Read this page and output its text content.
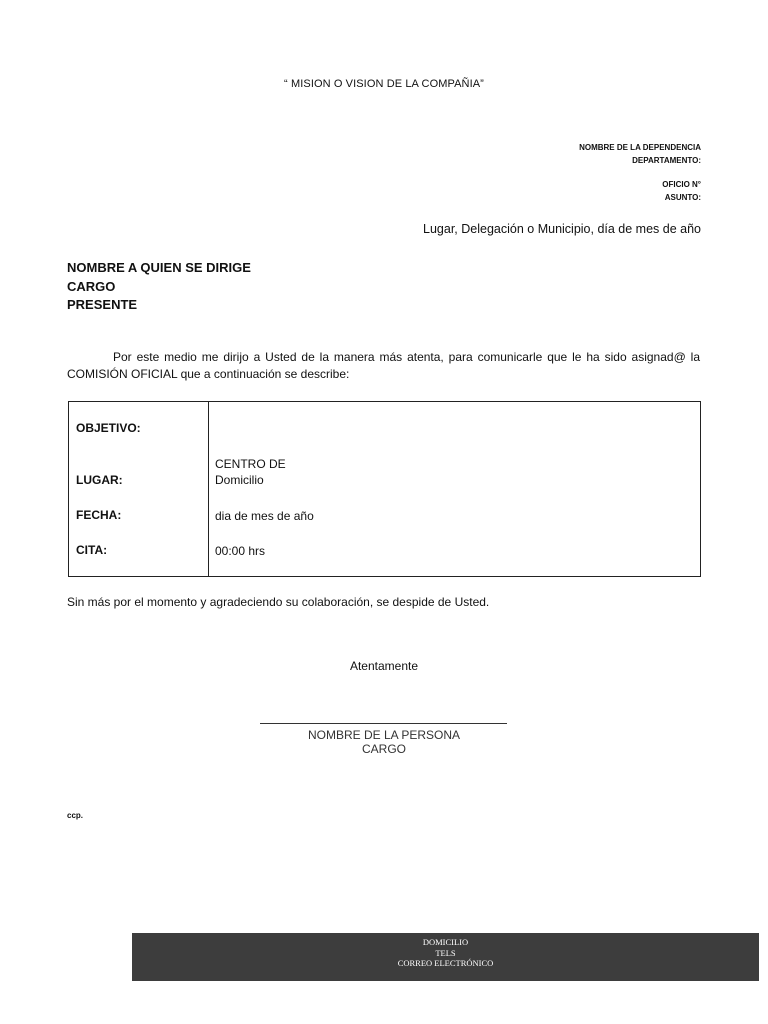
“ MISION O VISION DE LA COMPAÑIA”
NOMBRE DE LA DEPENDENCIA
DEPARTAMENTO:
OFICIO N°
ASUNTO:
Lugar, Delegación o Municipio, día de mes de año
NOMBRE A QUIEN SE DIRIGE
CARGO
PRESENTE
Por este medio me dirijo a Usted de la manera más atenta, para comunicarle que le ha sido asignad@ la
COMISIÓN OFICIAL que a continuación se describe:
OBJETIVO:
LUGAR:
CENTRO DE
Domicilio
FECHA:	dia de mes de año
CITA:	00:00 hrs
Sin más por el momento y agradeciendo su colaboración, se despide de Usted.
Atentamente
NOMBRE DE LA PERSONA
CARGO
ccp.
DOMICILIO
TELS
CORREO ELECTRÓNICO
